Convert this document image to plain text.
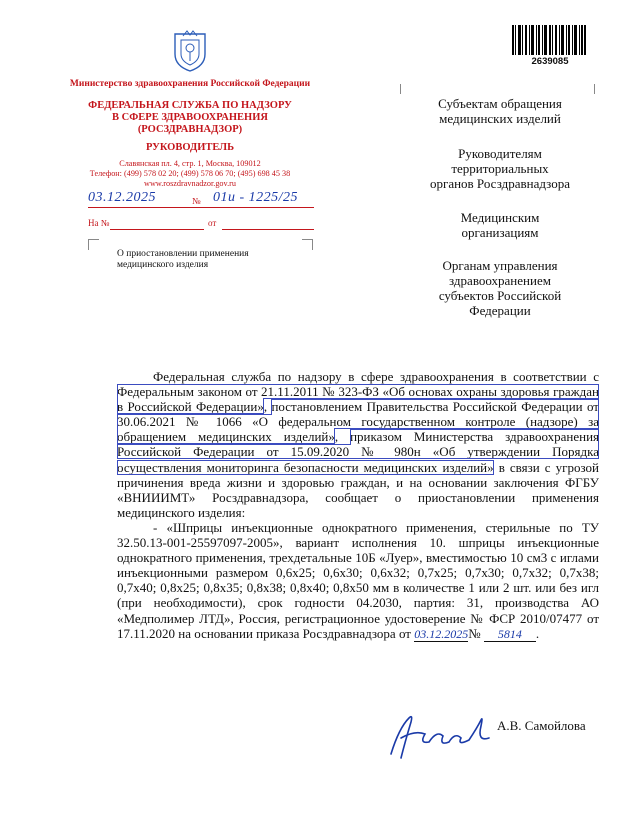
Министерство здравоохранения Российской Федерации
ФЕДЕРАЛЬНАЯ СЛУЖБА ПО НАДЗОРУ
В СФЕРЕ ЗДРАВООХРАНЕНИЯ
(РОСЗДРАВНАДЗОР)
РУКОВОДИТЕЛЬ
Славянская пл. 4, стр. 1, Москва, 109012
Телефон: (499) 578 02 20; (499) 578 06 70; (495) 698 45 38
www.roszdravnadzor.gov.ru
03.12.2025	№ 01и - 1225/25
На №	от
О приостановлении применения
медицинского изделия
2639085
Субъектам обращения
медицинских изделий
Руководителям
территориальных
органов Росздравнадзора
Медицинским
организациям
Органам управления
здравоохранением
субъектов Российской
Федерации

Федеральная служба по надзору в сфере здравоохранения в соответствии с Федеральным законом от 21.11.2011 № 323-ФЗ «Об основах охраны здоровья граждан в Российской Федерации», постановлением Правительства Российской Федерации от 30.06.2021 № 1066 «О федеральном государственном контроле (надзоре) за обращением медицинских изделий», приказом Министерства здравоохранения Российской Федерации от 15.09.2020 № 980н «Об утверждении Порядка осуществления мониторинга безопасности медицинских изделий» в связи с угрозой причинения вреда жизни и здоровью граждан, и на основании заключения ФГБУ «ВНИИИМТ» Росздравнадзора, сообщает о приостановлении применения медицинского изделия:

- «Шприцы инъекционные однократного применения, стерильные по ТУ 32.50.13-001-25597097-2005», вариант исполнения 10. шприцы инъекционные однократного применения, трехдетальные 10Б «Луер», вместимостью 10 см3 с иглами инъекционными размером 0,6x25; 0,6x30; 0,6x32; 0,7x25; 0,7x30; 0,7x32; 0,7x38; 0,7x40; 0,8x25; 0,8x35; 0,8x38; 0,8x40; 0,8x50 мм в количестве 1 или 2 шт. или без игл (при необходимости), срок годности 04.2030, партия: 31, производства АО «Медполимер ЛТД», Россия, регистрационное удостоверение № ФСР 2010/07477 от 17.11.2020 на основании приказа Росздравнадзора от 03.12.2025№ 5814 .

А.В. Самойлова
